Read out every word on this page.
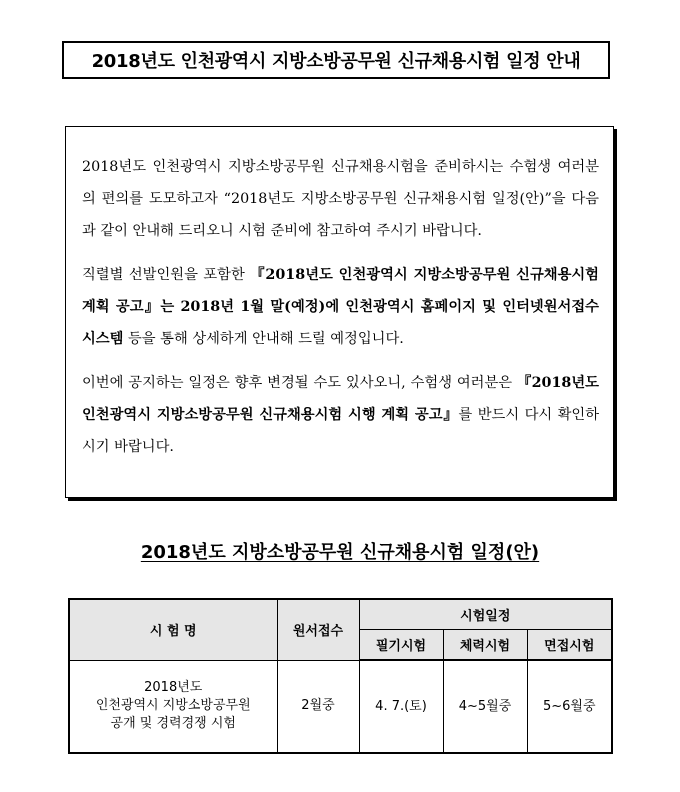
2018년도 인천광역시 지방소방공무원 신규채용시험 일정 안내

2018년도 인천광역시 지방소방공무원 신규채용시험을 준비하시는 수험생 여러분의 편의를 도모하고자 “2018년도 지방소방공무원 신규채용시험 일정(안)”을 다음과 같이 안내해 드리오니 시험 준비에 참고하여 주시기 바랍니다.

직렬별 선발인원을 포함한 『2018년도 인천광역시 지방소방공무원 신규채용시험 계획 공고』는 2018년 1월 말(예정)에 인천광역시 홈페이지 및 인터넷원서접수시스템 등을 통해 상세하게 안내해 드릴 예정입니다.

이번에 공지하는 일정은 향후 변경될 수도 있사오니, 수험생 여러분은 『2018년도 인천광역시 지방소방공무원 신규채용시험 시행 계획 공고』를 반드시 다시 확인하시기 바랍니다.

2018년도 지방소방공무원 신규채용시험 일정(안)
시 험 명	원서접수	시험일정		
		필기시험	체력시험	면접시험

2018년도
인천광역시 지방소방공무원
공개 및 경력경쟁 시험	2월중	4. 7.(토)	4~5월중	5~6월중
